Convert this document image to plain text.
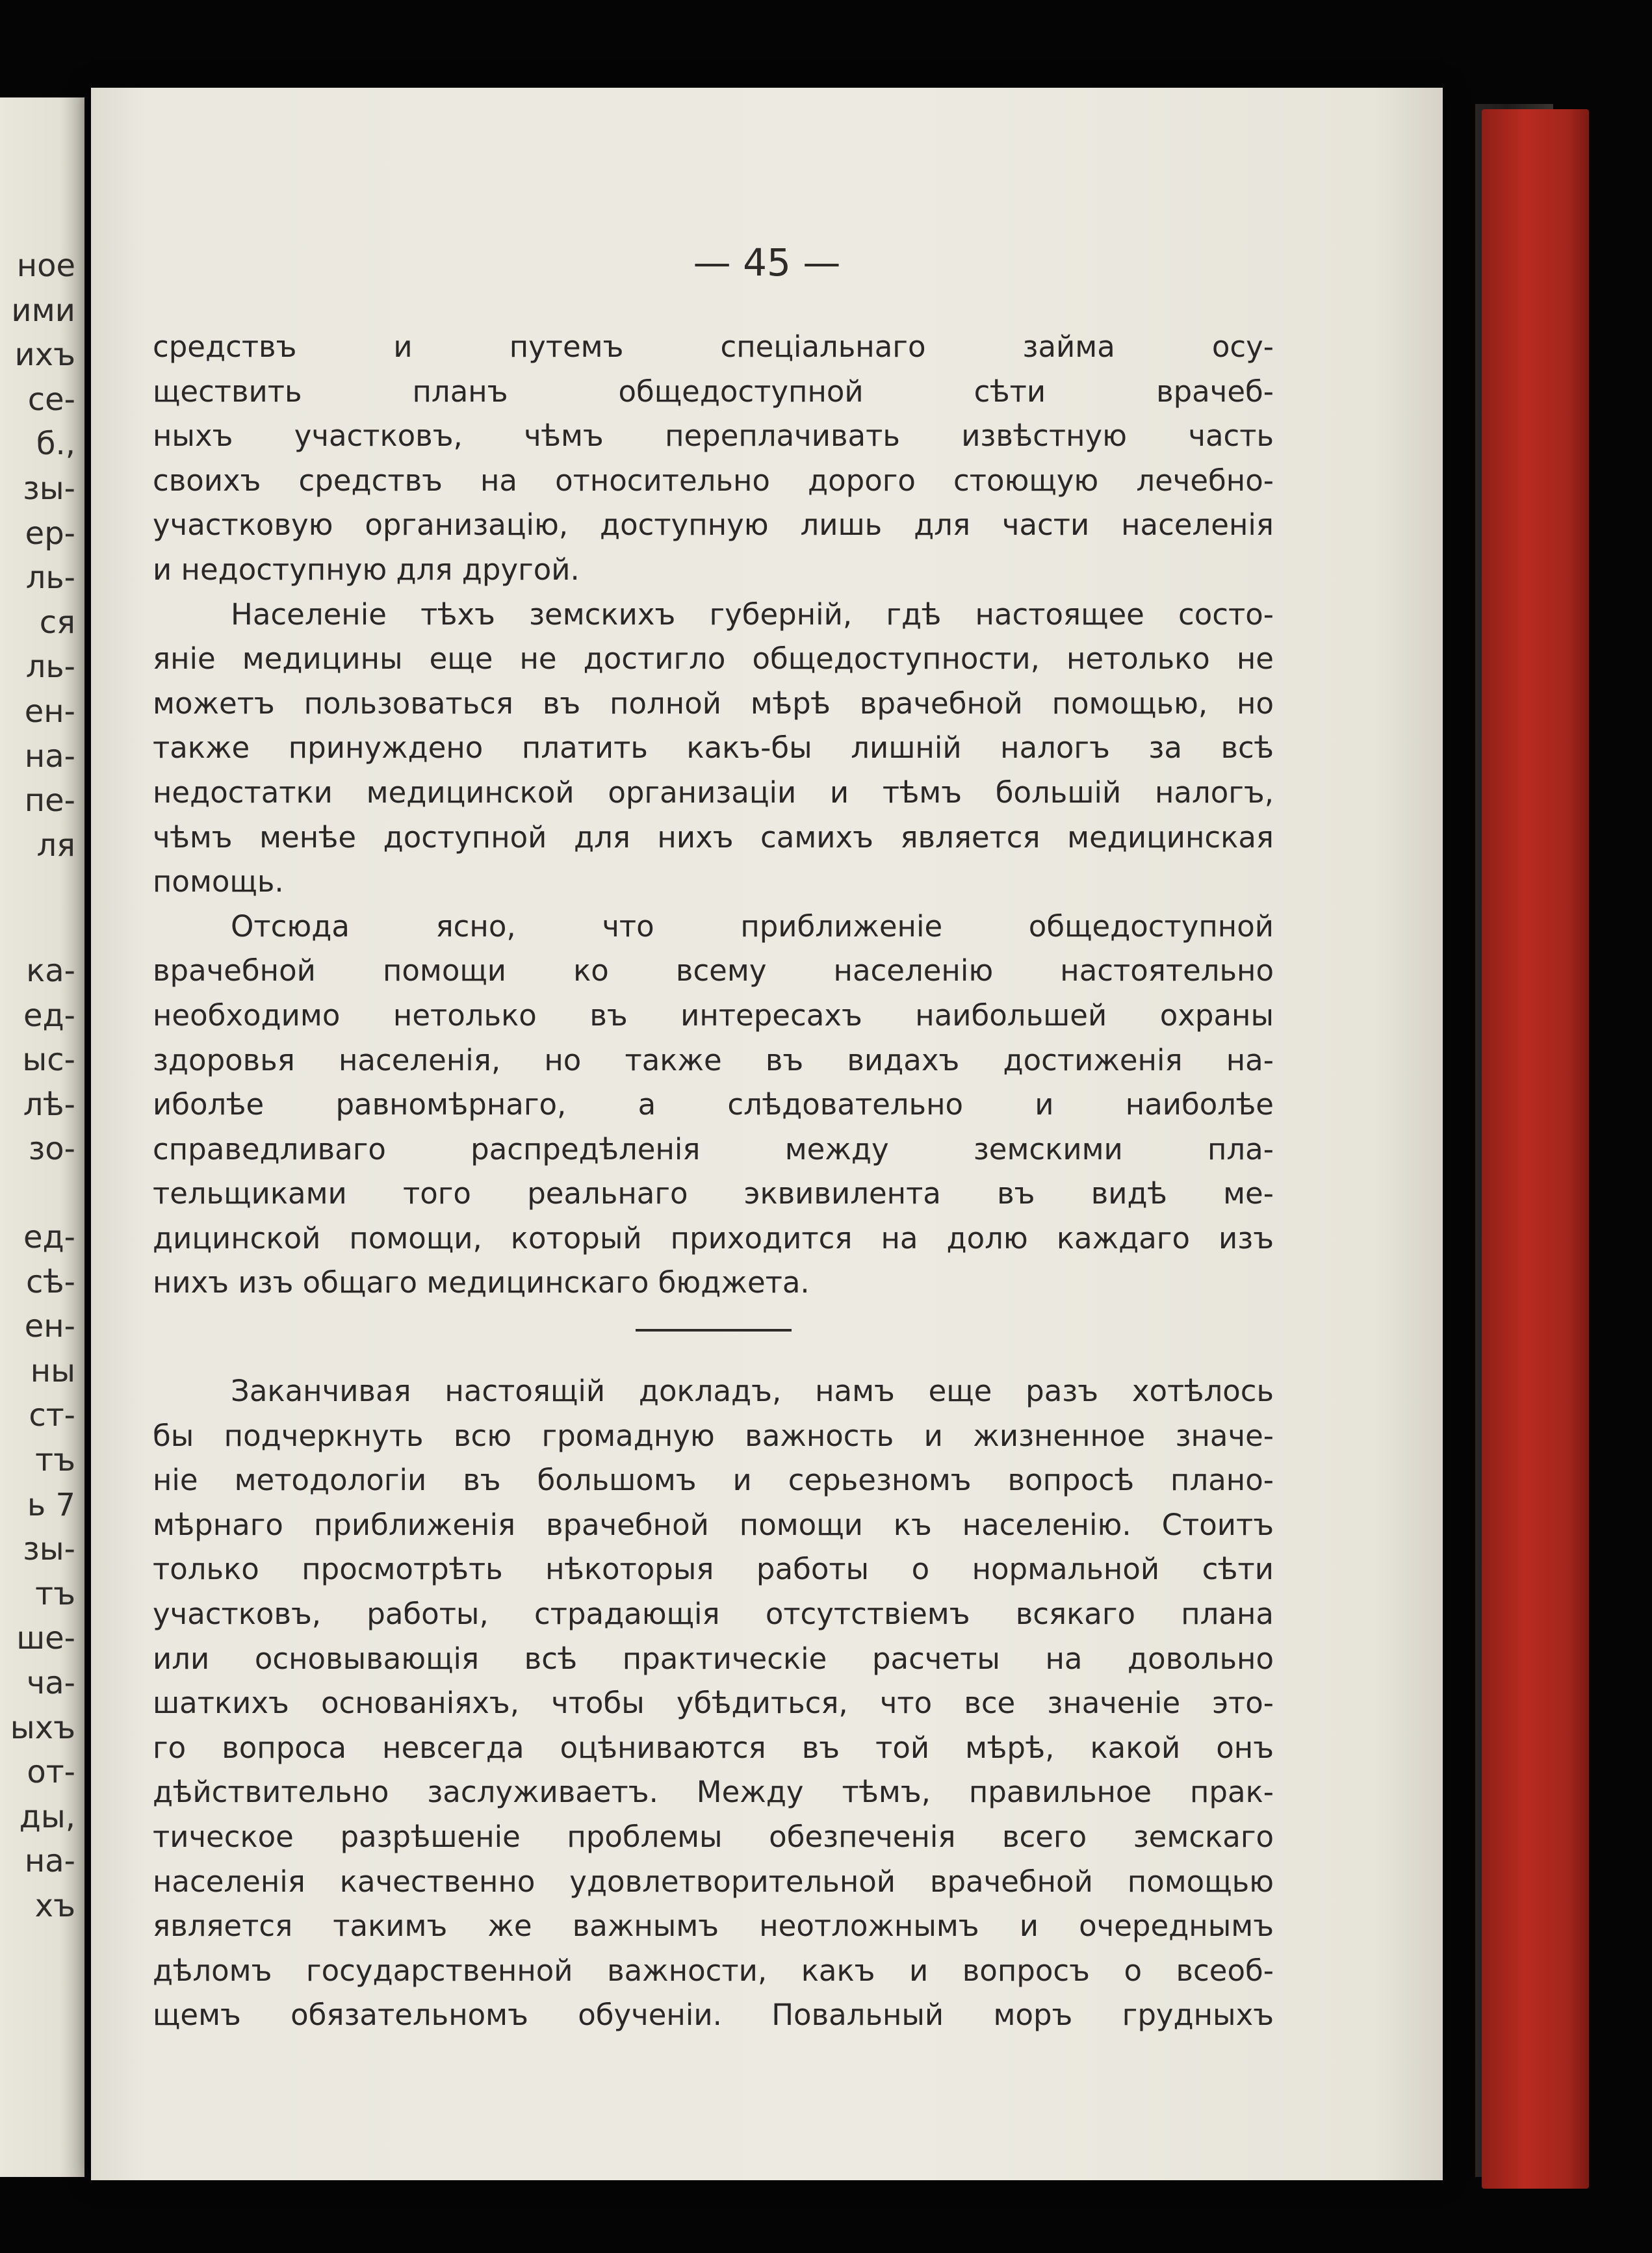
ное
ими
ихъ
се-
б.,
зы-
ер-
ль-
ся
ль-
ен-
на-
пе-
ля
ка-
ед-
ыс-
лѣ-
зо-
ед-
сѣ-
ен-
ны
ст-
тъ
ь 7
зы-
тъ
ше-
ча-
ыхъ
от-
ды,
на-
хъ
— 45 —
средствъ и путемъ спецiальнаго займа осу-
ществить планъ общедоступной сѣти врачеб-
ныхъ участковъ, чѣмъ переплачивать извѣстную часть
своихъ средствъ на относительно дорого стоющую лечебно-
участковую организацiю, доступную лишь для части населенiя
и недоступную для другой.
Населенiе тѣхъ земскихъ губернiй, гдѣ настоящее состо-
янiе медицины еще не достигло общедоступности, нетолько не
можетъ пользоваться въ полной мѣрѣ врачебной помощью, но
также принуждено платить какъ-бы лишнiй налогъ за всѣ
недостатки медицинской организацiи и тѣмъ большiй налогъ,
чѣмъ менѣе доступной для нихъ самихъ является медицинская
помощь.
Отсюда ясно, что приближенiе общедоступной
врачебной помощи ко всему населенiю настоятельно
необходимо нетолько въ интересахъ наибольшей охраны
здоровья населенiя, но также въ видахъ достиженiя на-
иболѣе равномѣрнаго, а слѣдовательно и наиболѣе
справедливаго распредѣленiя между земскими пла-
тельщиками того реальнаго эквивилента въ видѣ ме-
дицинской помощи, который приходится на долю каждаго изъ
нихъ изъ общаго медицинскаго бюджета.
Заканчивая настоящiй докладъ, намъ еще разъ хотѣлось
бы подчеркнуть всю громадную важность и жизненное значе-
нiе методологiи въ большомъ и серьезномъ вопросѣ плано-
мѣрнаго приближенiя врачебной помощи къ населенiю. Стоитъ
только просмотрѣть нѣкоторыя работы о нормальной сѣти
участковъ, работы, страдающiя отсутствiемъ всякаго плана
или основывающiя всѣ практическiе расчеты на довольно
шаткихъ основанiяхъ, чтобы убѣдиться, что все значенiе это-
го вопроса невсегда оцѣниваются въ той мѣрѣ, какой онъ
дѣйствительно заслуживаетъ. Между тѣмъ, правильное прак-
тическое разрѣшенiе проблемы обезпеченiя всего земскаго
населенiя качественно удовлетворительной врачебной помощью
является такимъ же важнымъ неотложнымъ и очереднымъ
дѣломъ государственной важности, какъ и вопросъ о всеоб-
щемъ обязательномъ обученiи. Повальный моръ грудныхъ
